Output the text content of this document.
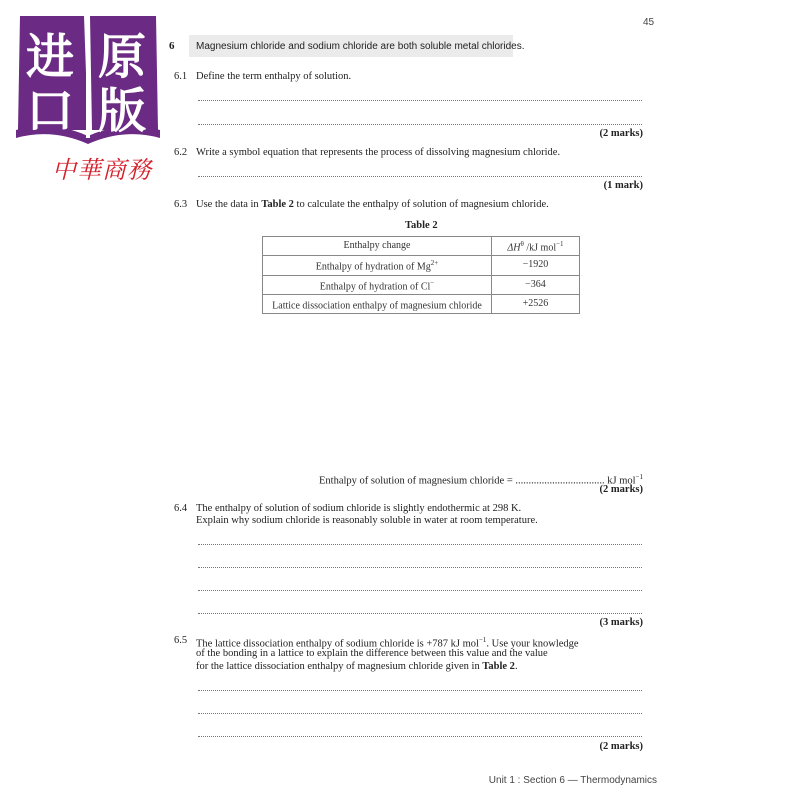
45
进 原
口 版
中華商務
6 Magnesium chloride and sodium chloride are both soluble metal chlorides.
6.1 Define the term enthalpy of solution.
(2 marks)
6.2 Write a symbol equation that represents the process of dissolving magnesium chloride.
(1 mark)
6.3 Use the data in Table 2 to calculate the enthalpy of solution of magnesium chloride.
Table 2
Enthalpy change	$\Delta H^\theta$ /kJ mol$^{-1}$
Enthalpy of hydration of $Mg^{2+}$	−1920
Enthalpy of hydration of Cl−	−364
Lattice dissociation enthalpy of magnesium chloride	+2526
Enthalpy of solution of magnesium chloride = .................................. kJ mol$^{-1}$
(2 marks)
6.4 The enthalpy of solution of sodium chloride is slightly endothermic at 298 K.
Explain why sodium chloride is reasonably soluble in water at room temperature.
(3 marks)
6.5 The lattice dissociation enthalpy of sodium chloride is +787 kJ mol$^{-1}$. Use your knowledge
of the bonding in a lattice to explain the difference between this value and the value
for the lattice dissociation enthalpy of magnesium chloride given in Table 2.
(2 marks)
Unit 1 : Section 6 — Thermodynamics
